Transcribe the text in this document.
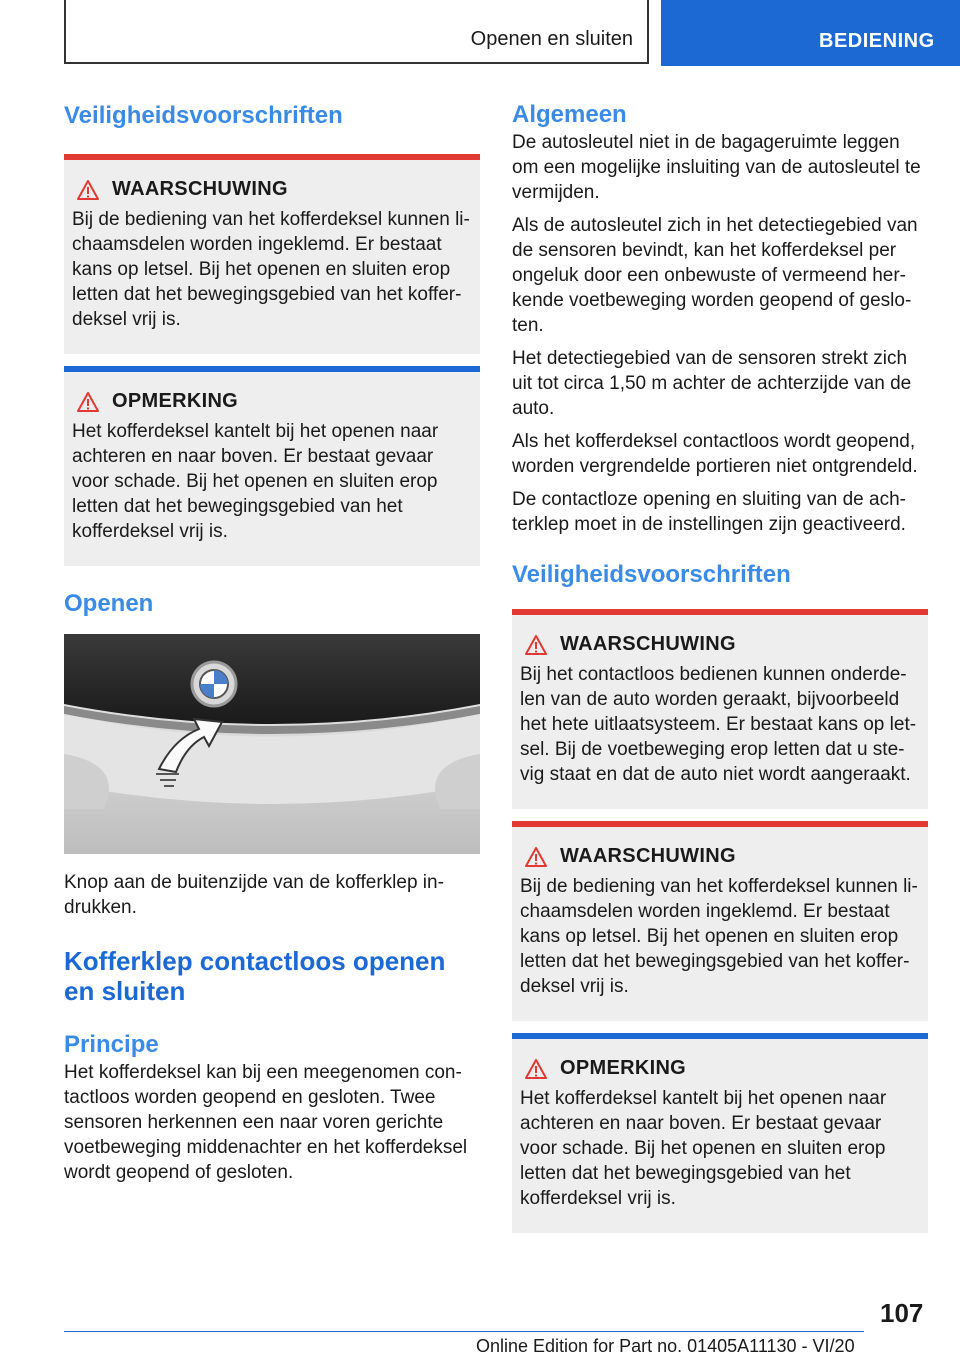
Openen en sluiten	BEDIENING
Veiligheidsvoorschriften
WAARSCHUWING

Bij de bediening van het kofferdeksel kunnen li-chaamsdelen worden ingeklemd. Er bestaat kans op letsel. Bij het openen en sluiten erop letten dat het bewegingsgebied van het koffer-deksel vrij is.

OPMERKING

Het kofferdeksel kantelt bij het openen naar achteren en naar boven. Er bestaat gevaar voor schade. Bij het openen en sluiten erop letten dat het bewegingsgebied van het kofferdeksel vrij is.

Openen

Knop aan de buitenzijde van de kofferklep in-drukken.

Kofferklep contactloos openen en sluiten
Principe

Het kofferdeksel kan bij een meegenomen con-tactloos worden geopend en gesloten. Twee sensoren herkennen een naar voren gerichte voetbeweging middenachter en het kofferdeksel wordt geopend of gesloten.

Algemeen

De autosleutel niet in de bagageruimte leggen om een mogelijke insluiting van de autosleutel te vermijden.

Als de autosleutel zich in het detectiegebied van de sensoren bevindt, kan het kofferdeksel per ongeluk door een onbewuste of vermeend her-kende voetbeweging worden geopend of geslo-ten.

Het detectiegebied van de sensoren strekt zich uit tot circa 1,50 m achter de achterzijde van de auto.

Als het kofferdeksel contactloos wordt geopend, worden vergrendelde portieren niet ontgrendeld.

De contactloze opening en sluiting van de ach-terklep moet in de instellingen zijn geactiveerd.

Veiligheidsvoorschriften
WAARSCHUWING

Bij het contactloos bedienen kunnen onderde-len van de auto worden geraakt, bijvoorbeeld het hete uitlaatsysteem. Er bestaat kans op let-sel. Bij de voetbeweging erop letten dat u ste-vig staat en dat de auto niet wordt aangeraakt.

WAARSCHUWING

Bij de bediening van het kofferdeksel kunnen li-chaamsdelen worden ingeklemd. Er bestaat kans op letsel. Bij het openen en sluiten erop letten dat het bewegingsgebied van het koffer-deksel vrij is.

OPMERKING

Het kofferdeksel kantelt bij het openen naar achteren en naar boven. Er bestaat gevaar voor schade. Bij het openen en sluiten erop letten dat het bewegingsgebied van het kofferdeksel vrij is.

107
Online Edition for Part no. 01405A11130 - VI/20
